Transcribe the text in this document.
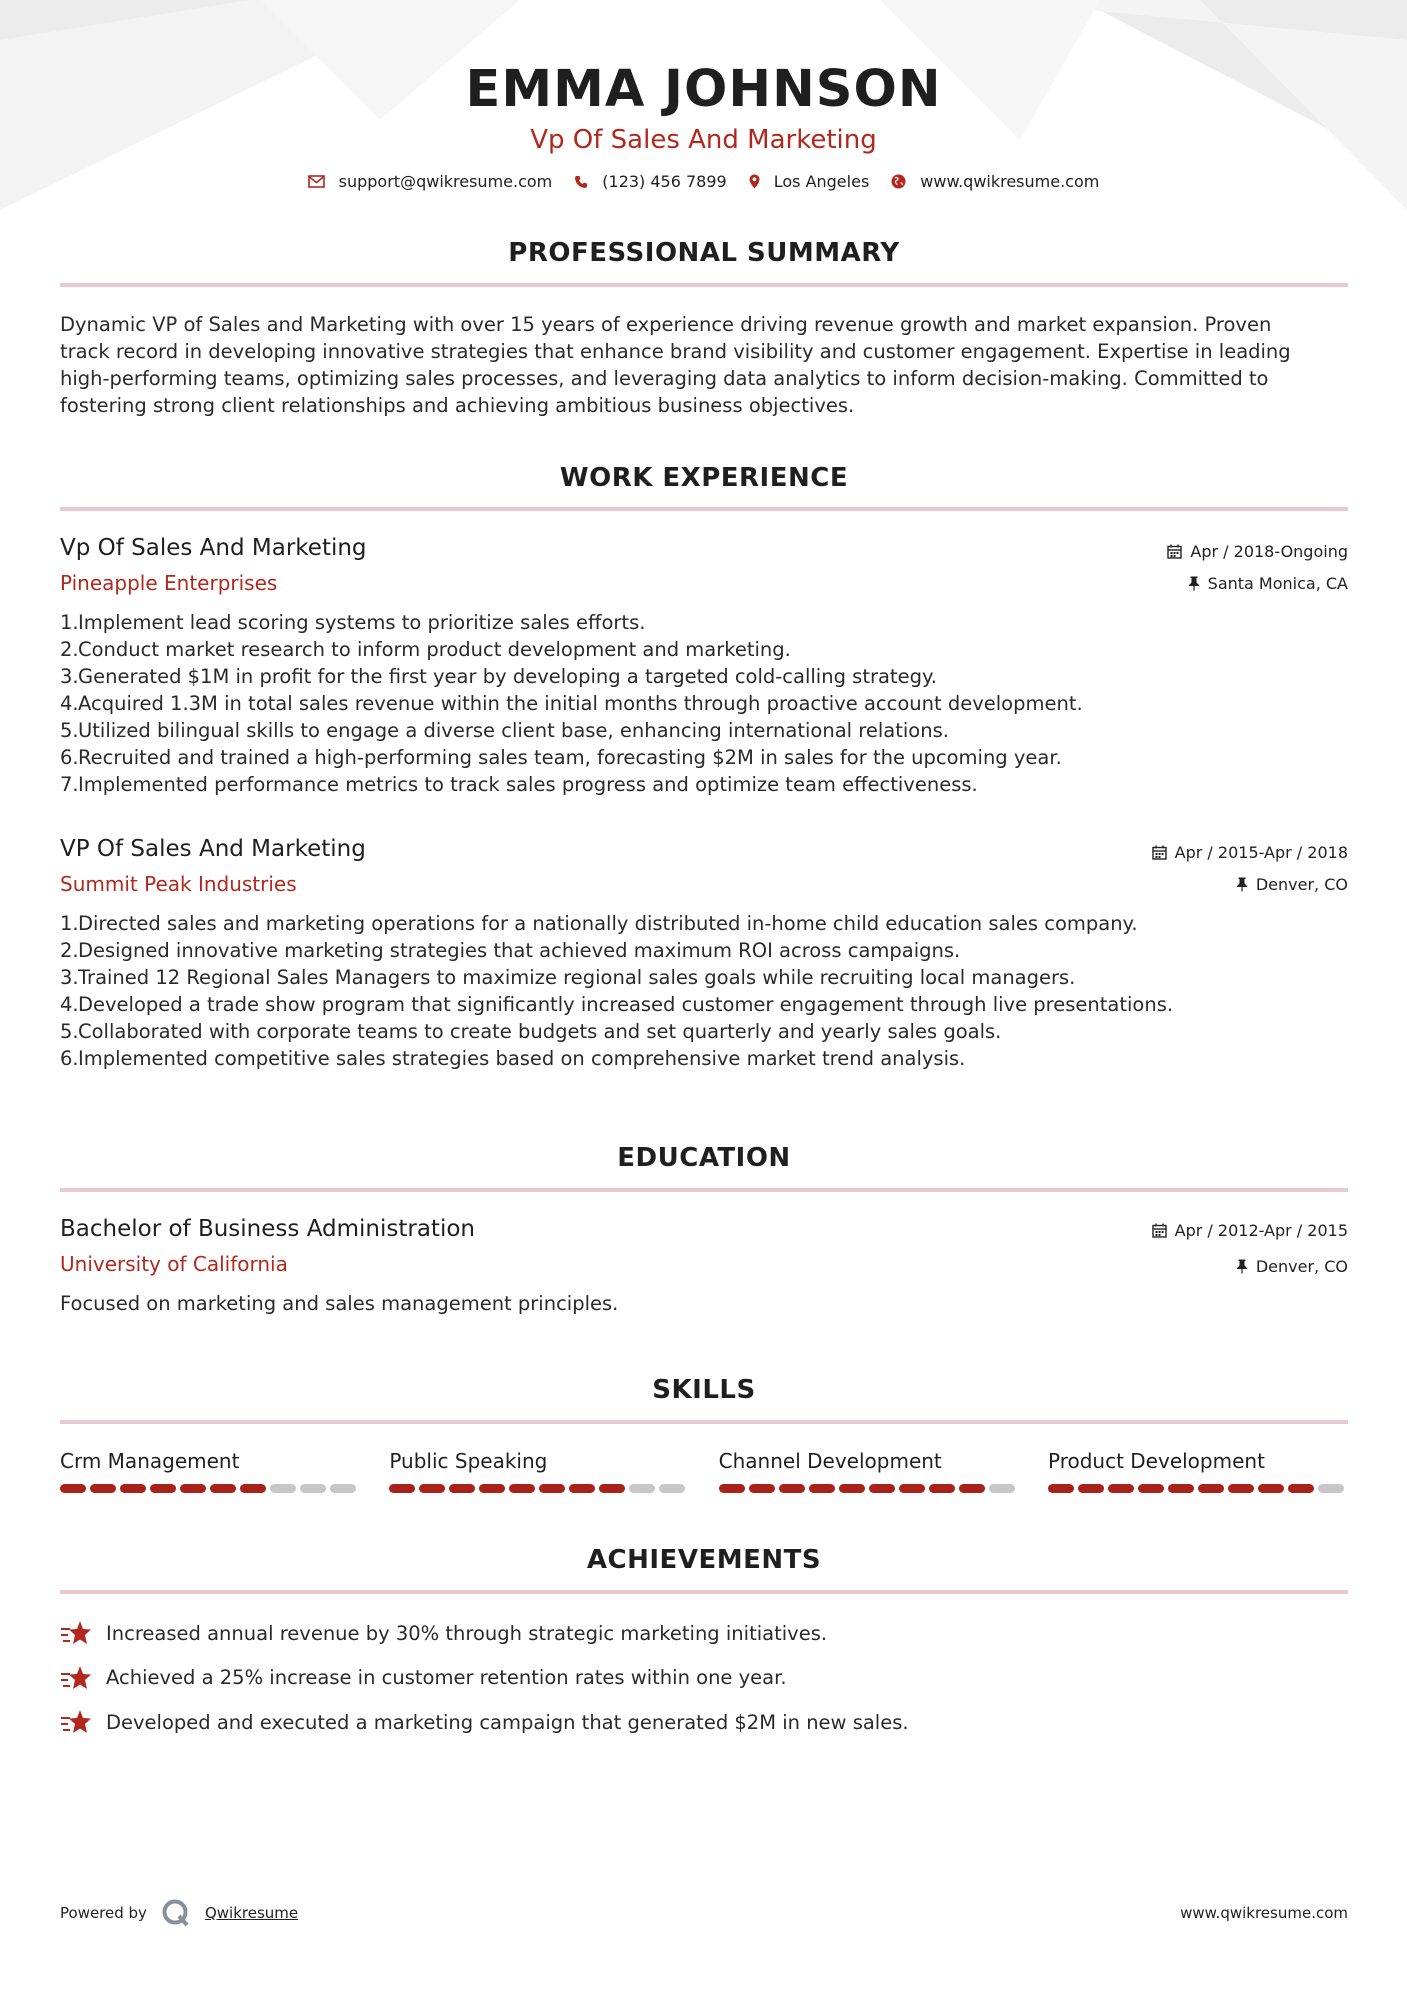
EMMA JOHNSON
Vp Of Sales And Marketing
support@qwikresume.com	(123) 456 7899	Los Angeles	www.qwikresume.com
PROFESSIONAL SUMMARY
Dynamic VP of Sales and Marketing with over 15 years of experience driving revenue growth and market expansion. Proven track record in developing innovative strategies that enhance brand visibility and customer engagement. Expertise in leading high-performing teams, optimizing sales processes, and leveraging data analytics to inform decision-making. Committed to fostering strong client relationships and achieving ambitious business objectives.
WORK EXPERIENCE
Vp Of Sales And Marketing
Pineapple Enterprises
Apr / 2018-Ongoing
Santa Monica, CA
1. Implement lead scoring systems to prioritize sales efforts.
2. Conduct market research to inform product development and marketing.
3. Generated $1M in profit for the first year by developing a targeted cold-calling strategy.
4. Acquired 1.3M in total sales revenue within the initial months through proactive account development.
5. Utilized bilingual skills to engage a diverse client base, enhancing international relations.
6. Recruited and trained a high-performing sales team, forecasting $2M in sales for the upcoming year.
7. Implemented performance metrics to track sales progress and optimize team effectiveness.
VP Of Sales And Marketing
Summit Peak Industries
Apr / 2015-Apr / 2018
Denver, CO
1. Directed sales and marketing operations for a nationally distributed in-home child education sales company.
2. Designed innovative marketing strategies that achieved maximum ROI across campaigns.
3. Trained 12 Regional Sales Managers to maximize regional sales goals while recruiting local managers.
4. Developed a trade show program that significantly increased customer engagement through live presentations.
5. Collaborated with corporate teams to create budgets and set quarterly and yearly sales goals.
6. Implemented competitive sales strategies based on comprehensive market trend analysis.
EDUCATION
Bachelor of Business Administration
University of California
Apr / 2012-Apr / 2015
Denver, CO
Focused on marketing and sales management principles.
SKILLS
Crm Management	Public Speaking	Channel Development	Product Development
ACHIEVEMENTS
Increased annual revenue by 30% through strategic marketing initiatives.
Achieved a 25% increase in customer retention rates within one year.
Developed and executed a marketing campaign that generated $2M in new sales.
Powered by	Qwikresume	www.qwikresume.com
